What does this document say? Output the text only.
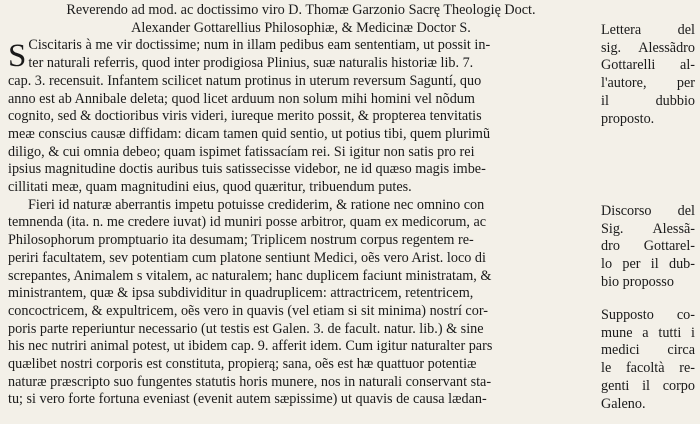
Reverendo ad mod. ac doctissimo viro D. Thomæ Garzonio Sacrę Theologię Doct.
Alexander Gottarellius Philosophiæ, & Medicinæ Doctor S.
S Ciscitaris à me vir doctissime; num in illam pedibus eam sententiam, ut possit in-
ter naturali referris, quod inter prodigiosa Plinius, suæ naturalis historiæ lib. 7.
cap. 3. recensuit. Infantem scilicet natum protinus in uterum reversum Saguntí, quo
anno est ab Annibale deleta; quod licet arduum non solum mihi homini vel nõdum
cognito, sed & doctioribus viris videri, iureque merito possit, & propterea tenvitatis
meæ conscius causæ diffidam: dicam tamen quid sentio, ut potius tibi, quem plurimũ
diligo, & cui omnia debeo; quam ispimet fatissacíam rei. Si igitur non satis pro rei
ipsius magnitudine doctis auribus tuis satissecisse videbor, ne id quæso magis imbe-
cillitati meæ, quam magnitudini eius, quod quæritur, tribuendum putes.
Fieri id naturæ aberrantis impetu potuisse crediderim, & ratione nec omnino con
temnenda (ita. n. me credere iuvat) id muniri posse arbitror, quam ex medicorum, ac
Philosophorum promptuario ita desumam; Triplicem nostrum corpus regentem re-
periri facultatem, sev potentiam cum platone sentiunt Medici, oẽs vero Arist. loco di
screpantes, Animalem s vitalem, ac naturalem; hanc duplicem faciunt ministratam, &
ministrantem, quæ & ipsa subdividitur in quadruplicem: attractricem, retentricem,
concoctricem, & expultricem, oẽs vero in quavis (vel etiam si sit minima) nostrí cor-
poris parte reperiuntur necessario (ut testis est Galen. 3. de facult. natur. lib.) & sine
his nec nutriri animal potest, ut ibidem cap. 9. afferit idem. Cum igitur naturalter pars
quælibet nostri corporis est constituta, propierą; sana, oẽs est hæ quattuor potentiæ
naturæ præscripto suo fungentes statutis horis munere, nos in naturali conservant sta-
tu; si vero forte fortuna eveniast (evenit autem sæpissime) ut quavis de causa lædan-
Lettera del
sig. Alessãdro
Gottarelli al-
l'autore, per
il dubbio
proposto.
Discorso del
Sig. Alessã-
dro Gottarel-
lo per il dub-
bio proposso
Supposto co-
mune a tutti i
medici circa
le facoltà re-
genti il corpo
Galeno.
